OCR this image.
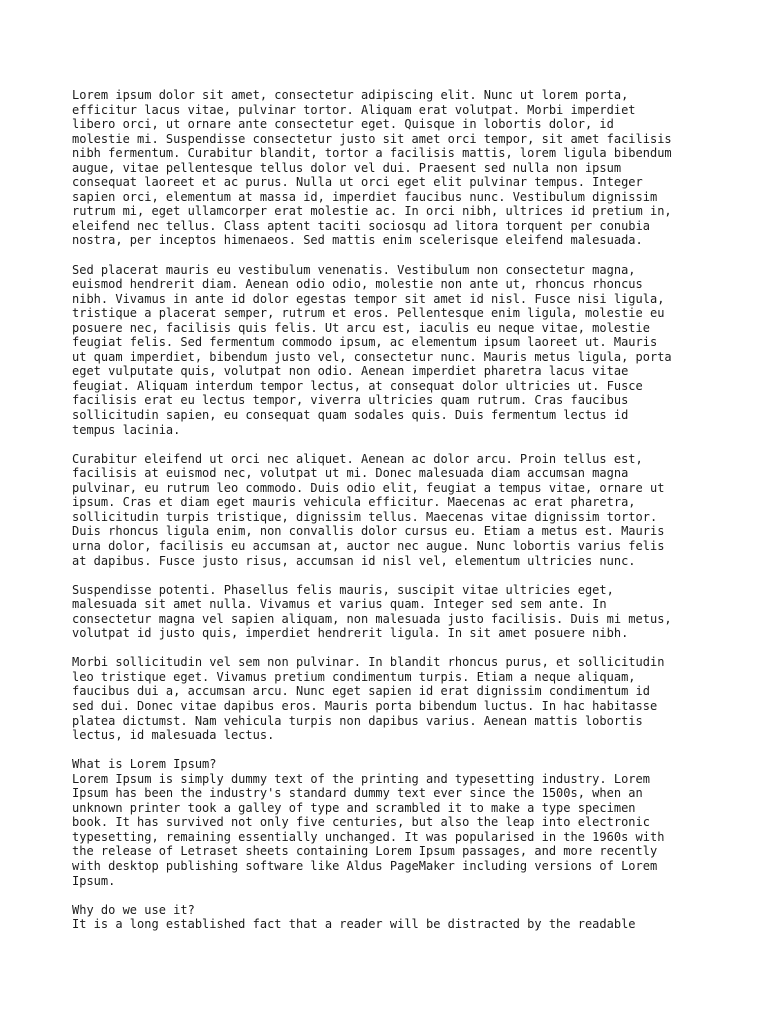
Lorem ipsum dolor sit amet, consectetur adipiscing elit. Nunc ut lorem porta,
efficitur lacus vitae, pulvinar tortor. Aliquam erat volutpat. Morbi imperdiet
libero orci, ut ornare ante consectetur eget. Quisque in lobortis dolor, id
molestie mi. Suspendisse consectetur justo sit amet orci tempor, sit amet facilisis
nibh fermentum. Curabitur blandit, tortor a facilisis mattis, lorem ligula bibendum
augue, vitae pellentesque tellus dolor vel dui. Praesent sed nulla non ipsum
consequat laoreet et ac purus. Nulla ut orci eget elit pulvinar tempus. Integer
sapien orci, elementum at massa id, imperdiet faucibus nunc. Vestibulum dignissim
rutrum mi, eget ullamcorper erat molestie ac. In orci nibh, ultrices id pretium in,
eleifend nec tellus. Class aptent taciti sociosqu ad litora torquent per conubia
nostra, per inceptos himenaeos. Sed mattis enim scelerisque eleifend malesuada.

Sed placerat mauris eu vestibulum venenatis. Vestibulum non consectetur magna,
euismod hendrerit diam. Aenean odio odio, molestie non ante ut, rhoncus rhoncus
nibh. Vivamus in ante id dolor egestas tempor sit amet id nisl. Fusce nisi ligula,
tristique a placerat semper, rutrum et eros. Pellentesque enim ligula, molestie eu
posuere nec, facilisis quis felis. Ut arcu est, iaculis eu neque vitae, molestie
feugiat felis. Sed fermentum commodo ipsum, ac elementum ipsum laoreet ut. Mauris
ut quam imperdiet, bibendum justo vel, consectetur nunc. Mauris metus ligula, porta
eget vulputate quis, volutpat non odio. Aenean imperdiet pharetra lacus vitae
feugiat. Aliquam interdum tempor lectus, at consequat dolor ultricies ut. Fusce
facilisis erat eu lectus tempor, viverra ultricies quam rutrum. Cras faucibus
sollicitudin sapien, eu consequat quam sodales quis. Duis fermentum lectus id
tempus lacinia.

Curabitur eleifend ut orci nec aliquet. Aenean ac dolor arcu. Proin tellus est,
facilisis at euismod nec, volutpat ut mi. Donec malesuada diam accumsan magna
pulvinar, eu rutrum leo commodo. Duis odio elit, feugiat a tempus vitae, ornare ut
ipsum. Cras et diam eget mauris vehicula efficitur. Maecenas ac erat pharetra,
sollicitudin turpis tristique, dignissim tellus. Maecenas vitae dignissim tortor.
Duis rhoncus ligula enim, non convallis dolor cursus eu. Etiam a metus est. Mauris
urna dolor, facilisis eu accumsan at, auctor nec augue. Nunc lobortis varius felis
at dapibus. Fusce justo risus, accumsan id nisl vel, elementum ultricies nunc.

Suspendisse potenti. Phasellus felis mauris, suscipit vitae ultricies eget,
malesuada sit amet nulla. Vivamus et varius quam. Integer sed sem ante. In
consectetur magna vel sapien aliquam, non malesuada justo facilisis. Duis mi metus,
volutpat id justo quis, imperdiet hendrerit ligula. In sit amet posuere nibh.

Morbi sollicitudin vel sem non pulvinar. In blandit rhoncus purus, et sollicitudin
leo tristique eget. Vivamus pretium condimentum turpis. Etiam a neque aliquam,
faucibus dui a, accumsan arcu. Nunc eget sapien id erat dignissim condimentum id
sed dui. Donec vitae dapibus eros. Mauris porta bibendum luctus. In hac habitasse
platea dictumst. Nam vehicula turpis non dapibus varius. Aenean mattis lobortis
lectus, id malesuada lectus.

What is Lorem Ipsum?

Lorem Ipsum is simply dummy text of the printing and typesetting industry. Lorem
Ipsum has been the industry's standard dummy text ever since the 1500s, when an
unknown printer took a galley of type and scrambled it to make a type specimen
book. It has survived not only five centuries, but also the leap into electronic
typesetting, remaining essentially unchanged. It was popularised in the 1960s with
the release of Letraset sheets containing Lorem Ipsum passages, and more recently
with desktop publishing software like Aldus PageMaker including versions of Lorem
Ipsum.

Why do we use it?

It is a long established fact that a reader will be distracted by the readable
